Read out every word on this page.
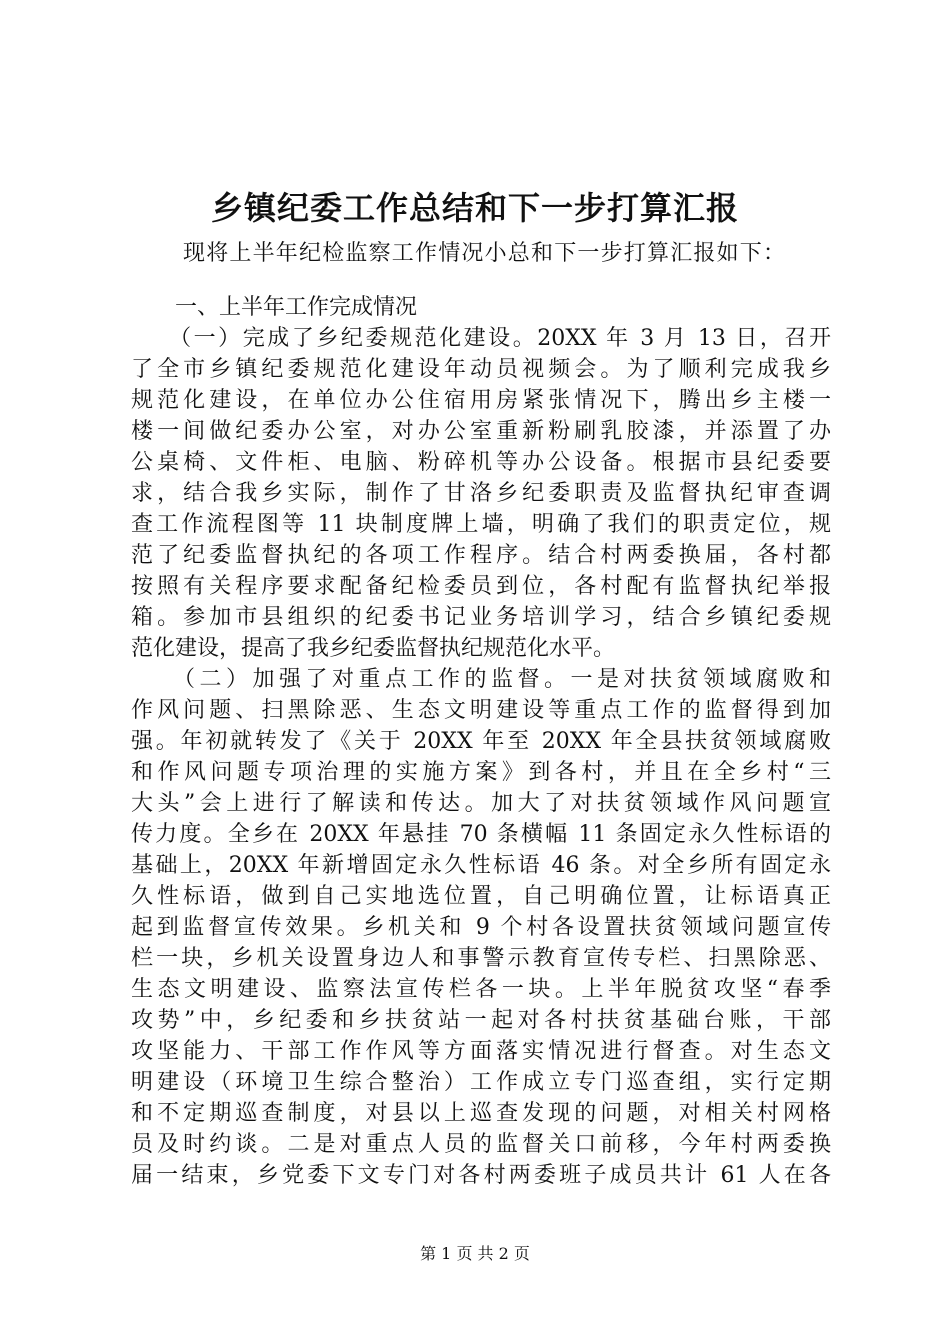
乡镇纪委工作总结和下一步打算汇报
现将上半年纪检监察工作情况小总和下一步打算汇报如下：
　　一、上半年工作完成情况
　　（一）完成了乡纪委规范化建设。20XX 年 3 月 13 日，召开
了全市乡镇纪委规范化建设年动员视频会。为了顺利完成我乡
规范化建设，在单位办公住宿用房紧张情况下，腾出乡主楼一
楼一间做纪委办公室，对办公室重新粉刷乳胶漆，并添置了办
公桌椅、文件柜、电脑、粉碎机等办公设备。根据市县纪委要
求，结合我乡实际，制作了甘洛乡纪委职责及监督执纪审查调
查工作流程图等 11 块制度牌上墙，明确了我们的职责定位，规
范了纪委监督执纪的各项工作程序。结合村两委换届，各村都
按照有关程序要求配备纪检委员到位，各村配有监督执纪举报
箱。参加市县组织的纪委书记业务培训学习，结合乡镇纪委规
范化建设，提高了我乡纪委监督执纪规范化水平。
　　（二）加强了对重点工作的监督。一是对扶贫领域腐败和
作风问题、扫黑除恶、生态文明建设等重点工作的监督得到加
强。年初就转发了《关于 20XX 年至 20XX 年全县扶贫领域腐败
和作风问题专项治理的实施方案》到各村，并且在全乡村“三
大头”会上进行了解读和传达。加大了对扶贫领域作风问题宣
传力度。全乡在 20XX 年悬挂 70 条横幅 11 条固定永久性标语的
基础上，20XX 年新增固定永久性标语 46 条。对全乡所有固定永
久性标语，做到自己实地选位置，自己明确位置，让标语真正
起到监督宣传效果。乡机关和 9 个村各设置扶贫领域问题宣传
栏一块，乡机关设置身边人和事警示教育宣传专栏、扫黑除恶、
生态文明建设、监察法宣传栏各一块。上半年脱贫攻坚“春季
攻势”中，乡纪委和乡扶贫站一起对各村扶贫基础台账，干部
攻坚能力、干部工作作风等方面落实情况进行督查。对生态文
明建设（环境卫生综合整治）工作成立专门巡查组，实行定期
和不定期巡查制度，对县以上巡查发现的问题，对相关村网格
员及时约谈。二是对重点人员的监督关口前移，今年村两委换
届一结束，乡党委下文专门对各村两委班子成员共计 61 人在各
第 1 页 共 2 页
